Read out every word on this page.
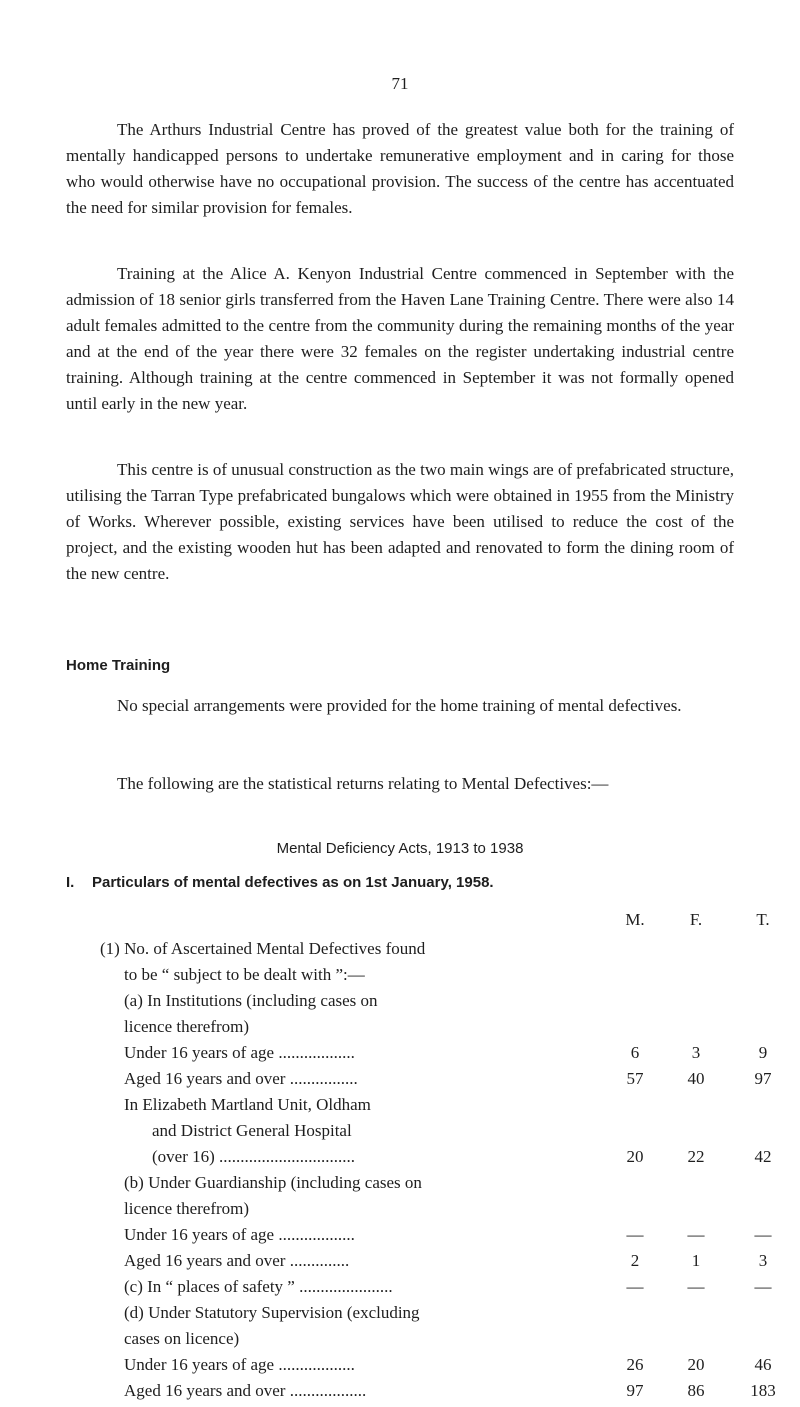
71

The Arthurs Industrial Centre has proved of the greatest value both for the training of mentally handicapped persons to undertake remunerative employment and in caring for those who would otherwise have no occupational provision. The success of the centre has accentuated the need for similar provision for females.

Training at the Alice A. Kenyon Industrial Centre commenced in September with the admission of 18 senior girls transferred from the Haven Lane Training Centre. There were also 14 adult females admitted to the centre from the community during the remaining months of the year and at the end of the year there were 32 females on the register undertaking industrial centre training. Although training at the centre commenced in September it was not formally opened until early in the new year.

This centre is of unusual construction as the two main wings are of prefabricated structure, utilising the Tarran Type prefabricated bungalows which were obtained in 1955 from the Ministry of Works. Wherever possible, existing services have been utilised to reduce the cost of the project, and the existing wooden hut has been adapted and renovated to form the dining room of the new centre.

Home Training

No special arrangements were provided for the home training of mental defectives.

The following are the statistical returns relating to Mental Defectives:—

Mental Deficiency Acts, 1913 to 1938
I. Particulars of mental defectives as on 1st January, 1958.
M.	F.	T.
(1) No. of Ascertained Mental Defectives found
to be “ subject to be dealt with ”:—
(a) In Institutions (including cases on
licence therefrom)
Under 16 years of age ..................	6	3	9
Aged 16 years and over ................	57	40	97
In Elizabeth Martland Unit, Oldham
and District General Hospital
(over 16) ................................	20	22	42
(b) Under Guardianship (including cases on
licence therefrom)
Under 16 years of age ..................	—	—	—
Aged 16 years and over ..............	2	1	3
(c) In “ places of safety ” ......................	—	—	—
(d) Under Statutory Supervision (excluding
cases on licence)
Under 16 years of age ..................	26	20	46
Aged 16 years and over ..................	97	86	183
